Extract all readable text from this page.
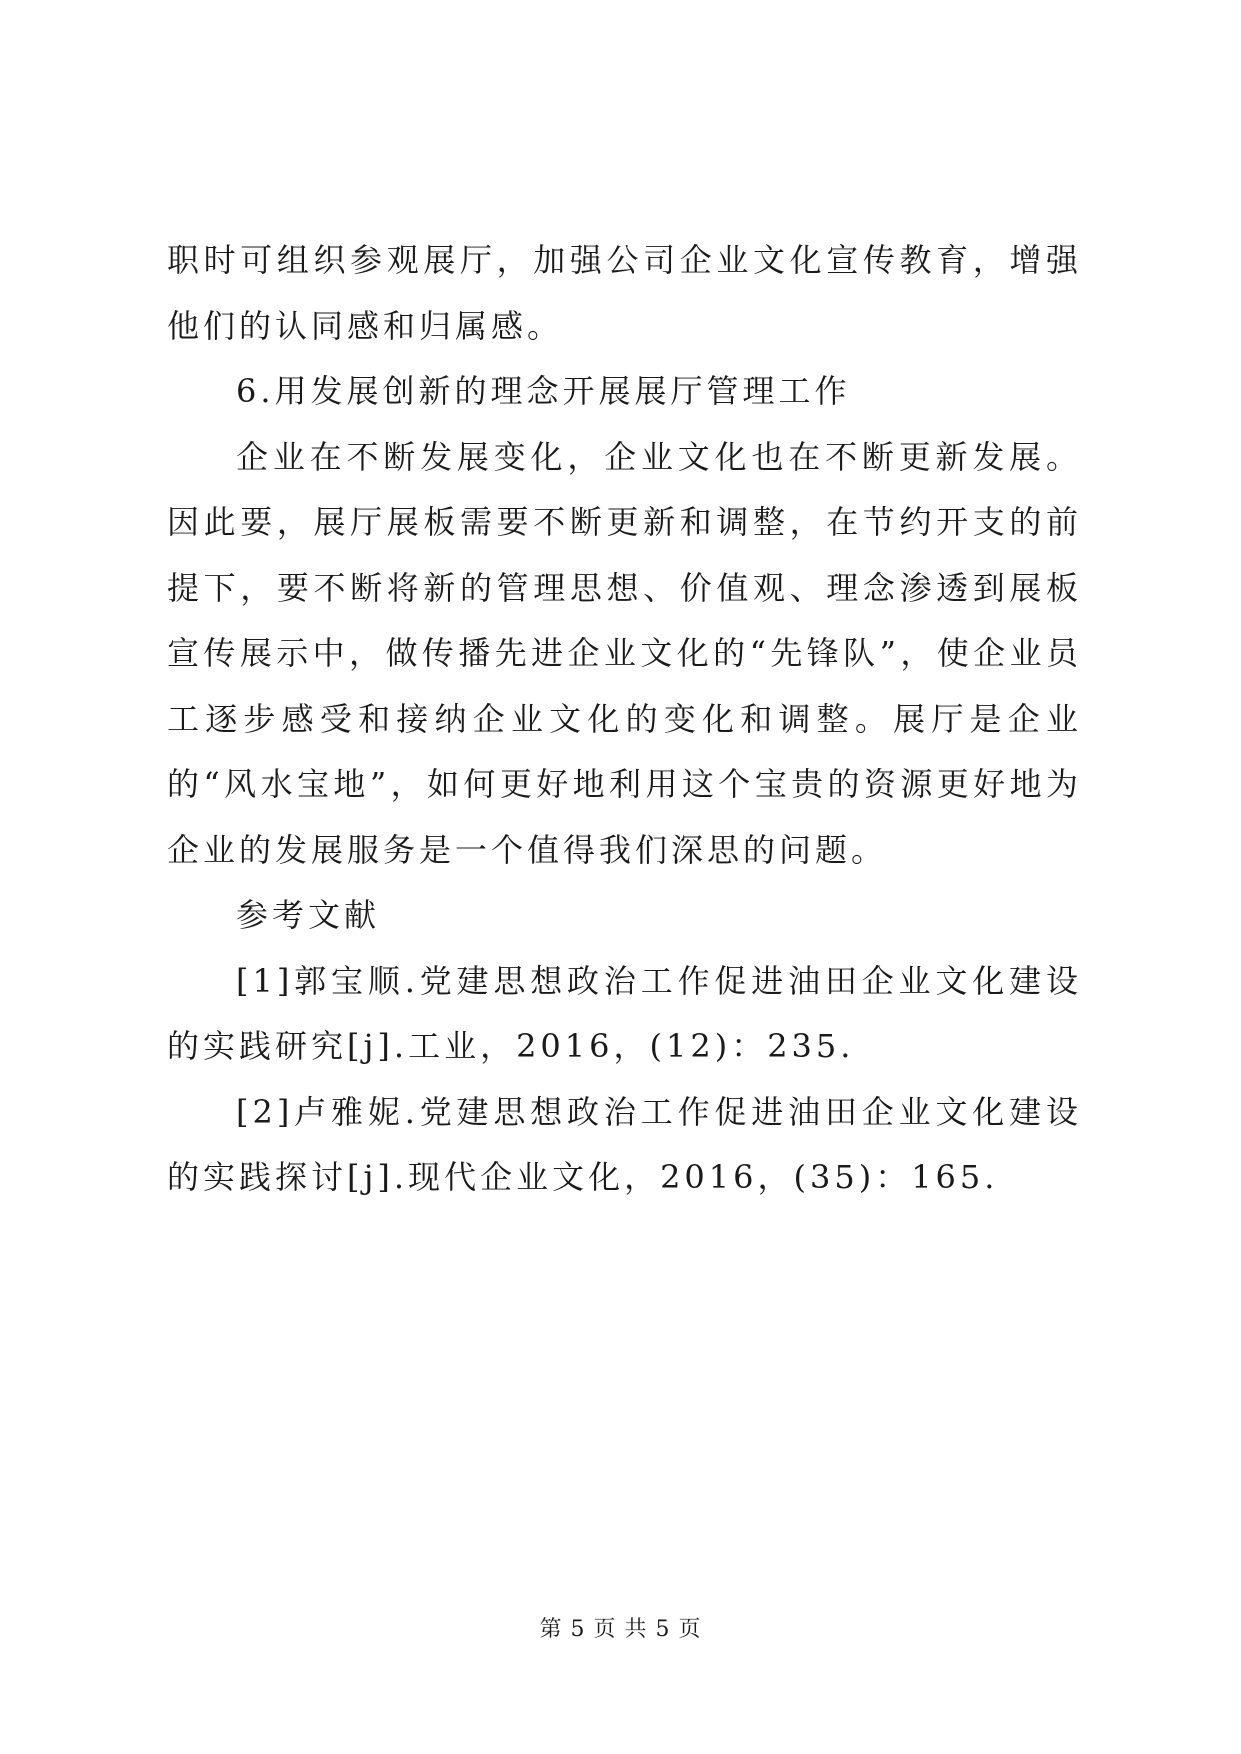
职时可组织参观展厅，加强公司企业文化宣传教育，增强他们的认同感和归属感。

6.用发展创新的理念开展展厅管理工作

企业在不断发展变化，企业文化也在不断更新发展。因此要，展厅展板需要不断更新和调整，在节约开支的前提下，要不断将新的管理思想、价值观、理念渗透到展板宣传展示中，做传播先进企业文化的“先锋队”，使企业员工逐步感受和接纳企业文化的变化和调整。展厅是企业的“风水宝地”，如何更好地利用这个宝贵的资源更好地为企业的发展服务是一个值得我们深思的问题。

参考文献

[1]郭宝顺.党建思想政治工作促进油田企业文化建设的实践研究[j].工业，2016，(12)：235.

[2]卢雅妮.党建思想政治工作促进油田企业文化建设的实践探讨[j].现代企业文化，2016，(35)：165.

第 5 页 共 5 页
